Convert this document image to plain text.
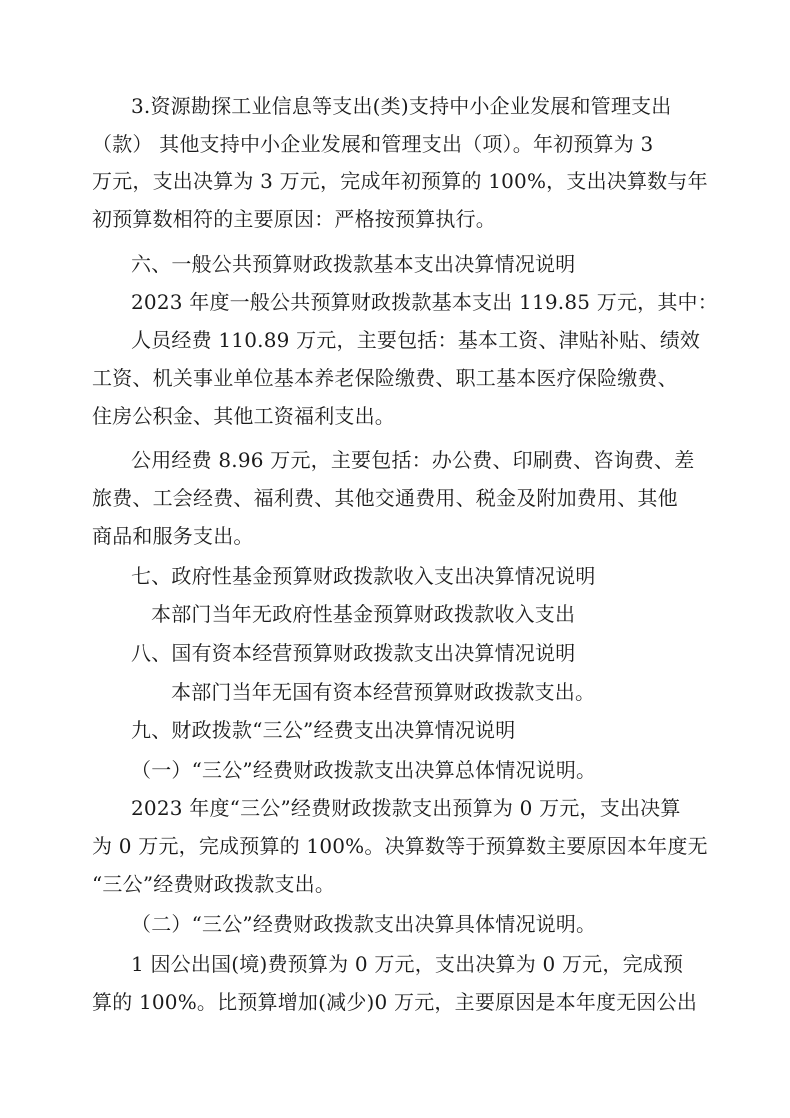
3.资源勘探工业信息等支出(类)支持中小企业发展和管理支出
（款） 其他支持中小企业发展和管理支出（项）。年初预算为 3
万元，支出决算为 3 万元，完成年初预算的 100%，支出决算数与年
初预算数相符的主要原因：严格按预算执行。
六、一般公共预算财政拨款基本支出决算情况说明
2023 年度一般公共预算财政拨款基本支出 119.85 万元，其中：
人员经费 110.89 万元，主要包括：基本工资、津贴补贴、绩效
工资、机关事业单位基本养老保险缴费、职工基本医疗保险缴费、
住房公积金、其他工资福利支出。
公用经费 8.96 万元，主要包括：办公费、印刷费、咨询费、差
旅费、工会经费、福利费、其他交通费用、税金及附加费用、其他
商品和服务支出。
七、政府性基金预算财政拨款收入支出决算情况说明
本部门当年无政府性基金预算财政拨款收入支出
八、国有资本经营预算财政拨款支出决算情况说明
本部门当年无国有资本经营预算财政拨款支出。
九、财政拨款“三公”经费支出决算情况说明
（一）“三公”经费财政拨款支出决算总体情况说明。
2023 年度“三公”经费财政拨款支出预算为 0 万元，支出决算
为 0 万元，完成预算的 100%。决算数等于预算数主要原因本年度无
“三公”经费财政拨款支出。
（二）“三公”经费财政拨款支出决算具体情况说明。
1 因公出国(境)费预算为 0 万元，支出决算为 0 万元，完成预
算的 100%。比预算增加(减少)0 万元，主要原因是本年度无因公出
